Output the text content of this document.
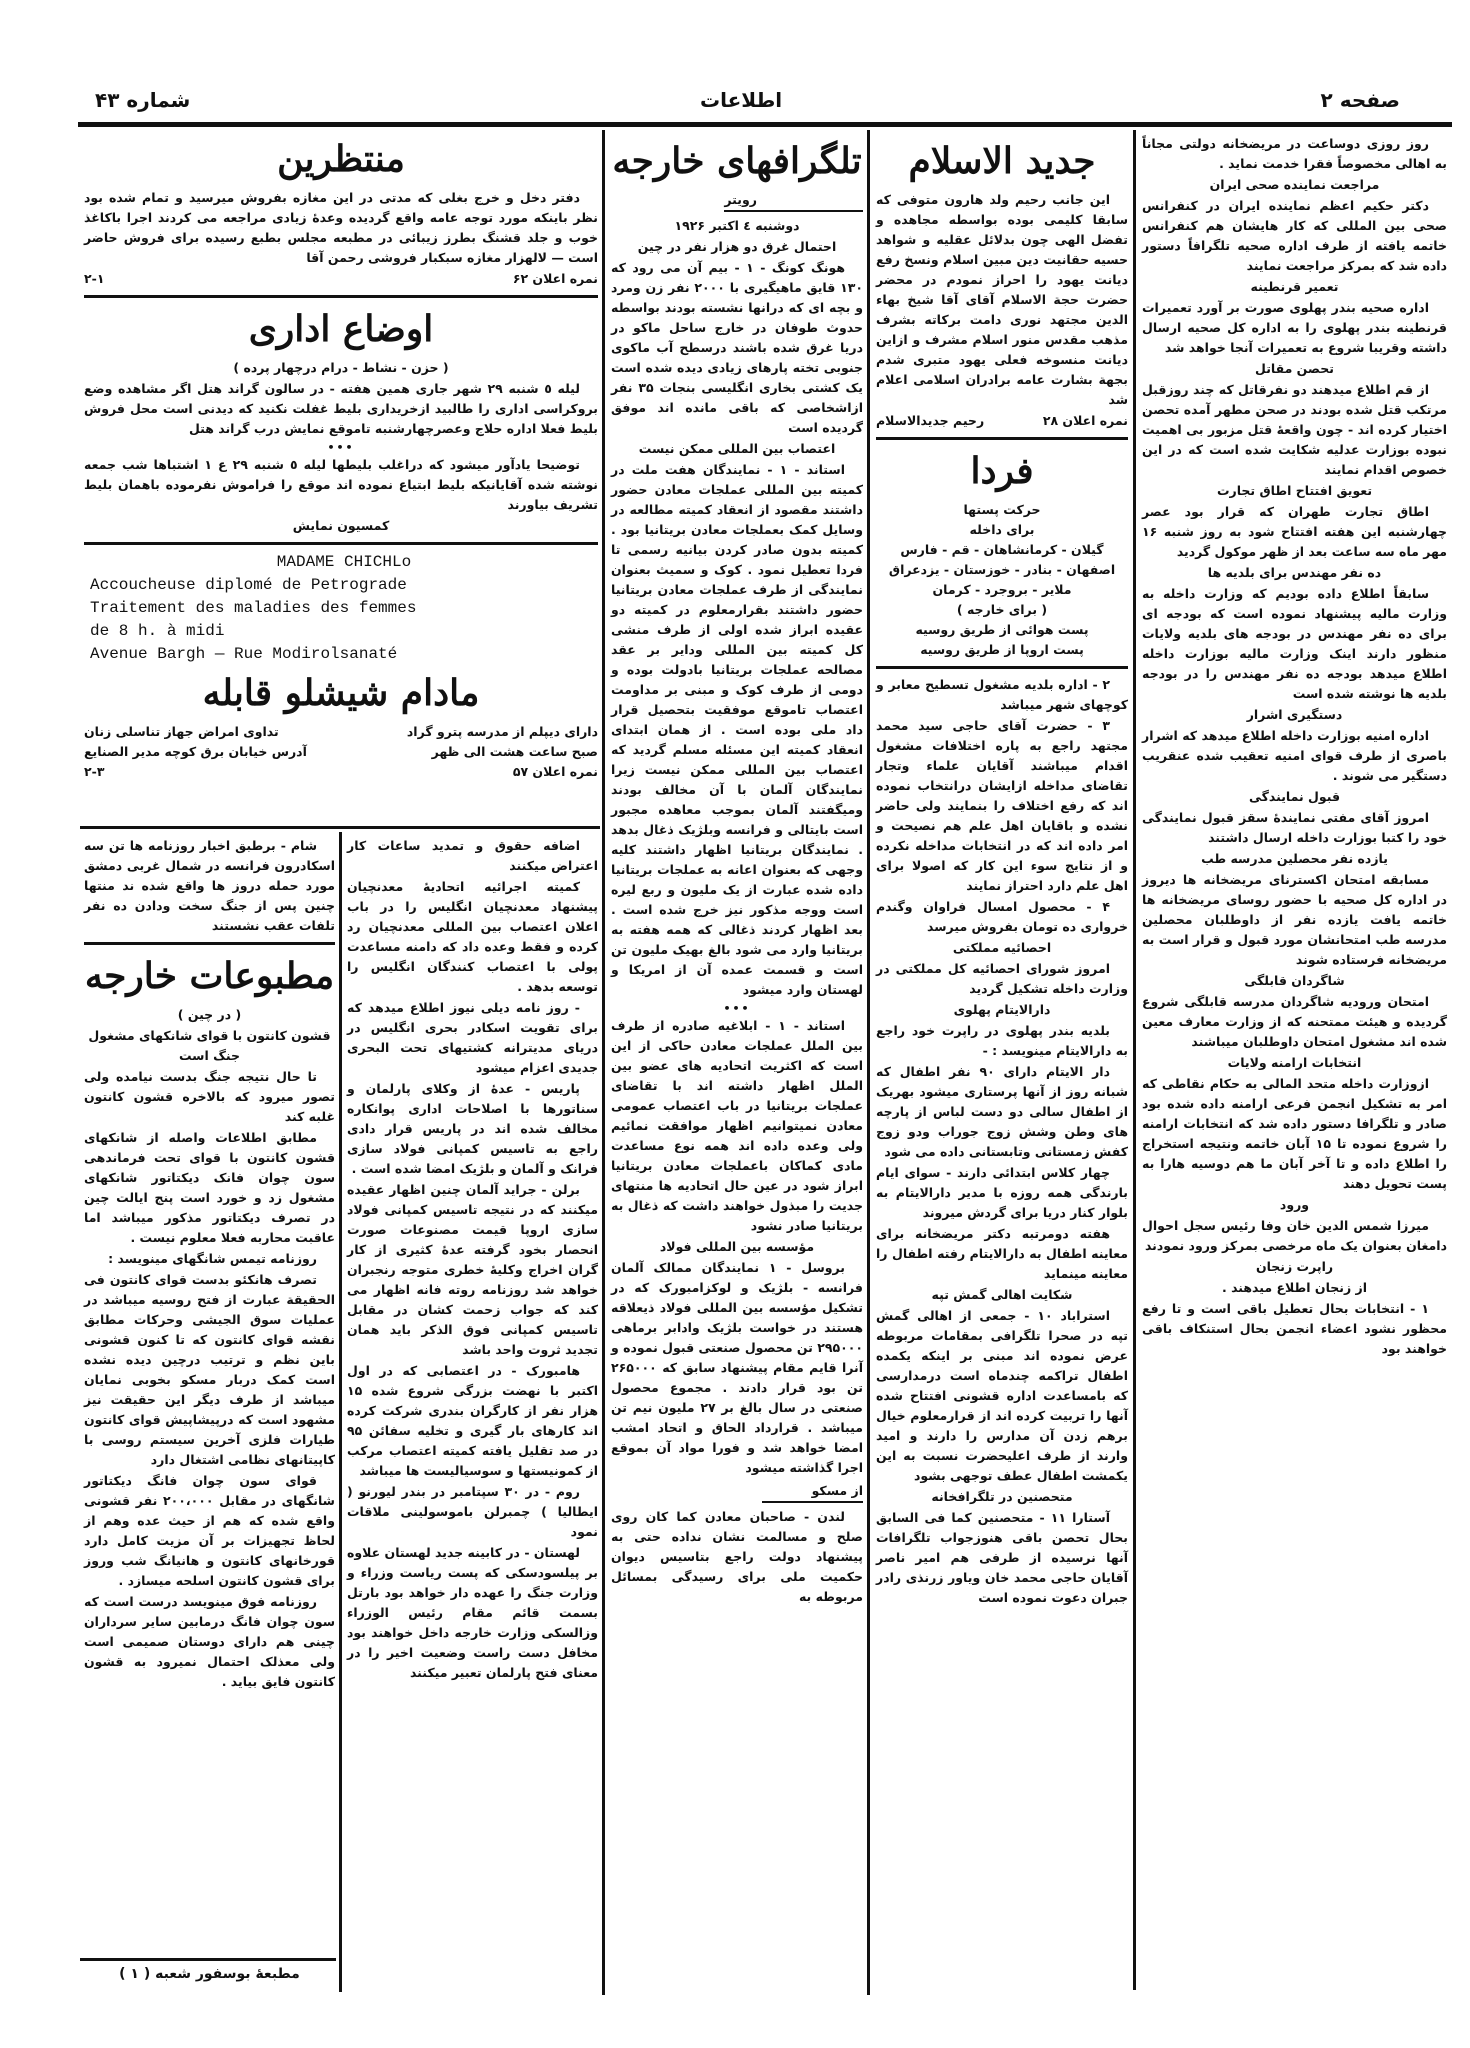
صفحه ۲
اطلاعات
شماره ۴۳
روز روزی دوساعت در مریضخانه دولتی مجاناً به اهالی مخصوصاً فقرا خدمت نماید .
مراجعت نماینده صحی ایران
دکتر حکیم اعظم نماینده ایران در کنفرانس صحی بین المللی که کار هایشان هم کنفرانس خاتمه یافته از طرف اداره صحیه تلگرافاً دستور داده شد که بمرکز مراجعت نمایند
تعمیر قرنطینه
اداره صحیه بندر پهلوی صورت بر آورد تعمیرات قرنطینه بندر پهلوی را به اداره کل صحیه ارسال داشته وقریبا شروع به تعمیرات آنجا خواهد شد
تحصن مقاتل
از قم اطلاع میدهند دو نفرقاتل که چند روزقبل مرتکب قتل شده بودند در صحن مطهر آمده تحصن اختیار کرده اند - چون واقعهٔ قتل مزبور بی اهمیت نبوده بوزارت عدلیه شکایت شده است که در این خصوص اقدام نمایند
تعویق افتتاح اطاق تجارت
اطاق تجارت طهران که قرار بود عصر چهارشنبه این هفته افتتاح شود به روز شنبه ۱۶ مهر ماه سه ساعت بعد از ظهر موکول گردید
ده نفر مهندس برای بلدیه ها
سابقاً اطلاع داده بودیم که وزارت داخله به وزارت مالیه پیشنهاد نموده است که بودجه ای برای ده نفر مهندس در بودجه های بلدیه ولایات منظور دارند اینک وزارت مالیه بوزارت داخله اطلاع میدهد بودجه ده نفر مهندس را در بودجه بلدیه ها نوشته شده است
دستگیری اشرار
اداره امنیه بوزارت داخله اطلاع میدهد که اشرار باصری از طرف قوای امنیه تعقیب شده عنقریب دستگیر می شوند .
قبول نمایندگی
امروز آقای مفتی نمایندهٔ سقز قبول نمایندگی خود را کتبا بوزارت داخله ارسال داشتند
یازده نفر محصلین مدرسه طب
مسابقه امتحان اکسترنای مریضخانه ها دیروز در اداره کل صحیه با حضور روسای مریضخانه ها خاتمه یافت یازده نفر از داوطلبان محصلین مدرسه طب امتحانشان مورد قبول و قرار است به مریضخانه فرستاده شوند
شاگردان قابلگی
امتحان ورودیه شاگردان مدرسه قابلگی شروع گردیده و هیئت ممتحنه که از وزارت معارف معین شده اند مشغول امتحان داوطلبان میباشند
انتخابات ارامنه ولایات
ازوزارت داخله متحد المالی به حکام نقاطی که امر به تشکیل انجمن فرعی ارامنه داده شده بود صادر و تلگرافا دستور داده شد که انتخابات ارامنه را شروع نموده تا ۱۵ آبان خاتمه ونتیجه استخراج را اطلاع داده و تا آخر آبان ما هم دوسیه هارا به پست تحویل دهند
ورود
میرزا شمس الدین خان وفا رئیس سجل احوال دامغان بعنوان یک ماه مرخصی بمرکز ورود نمودند
راپرت زنجان
از زنجان اطلاع میدهند .
۱ - انتخابات بحال تعطیل باقی است و تا رفع محظور نشود اعضاء انجمن بحال استنکاف باقی خواهند بود
جدید الاسلام
این جانب رحیم ولد هارون متوفی که سابقا کلیمی بوده بواسطه مجاهده و تفضل الهی چون بدلائل عقلیه و شواهد حسیه حقانیت دین مبین اسلام ونسخ رفع دیانت یهود را احراز نمودم در محضر حضرت حجة الاسلام آقای آقا شیخ بهاء الدین مجتهد نوری دامت برکاته بشرف مذهب مقدس منور اسلام مشرف و ازاین دیانت منسوخه فعلی یهود متبری شدم بجهة بشارت عامه برادران اسلامی اعلام شد
نمره اعلان ۲۸
رحیم جدیدالاسلام
فردا
حرکت پستها
برای داخله
گیلان - کرمانشاهان - قم - فارس
اصفهان - بنادر - خوزستان - یزدعراق
ملایر - بروجرد - کرمان
( برای خارجه )
پست هوائی از طریق روسیه
پست اروپا از طریق روسیه
۲ - اداره بلدیه مشغول تسطیح معابر و کوچهای شهر میباشد
۳ - حضرت آقای حاجی سید محمد مجتهد راجع به پاره اختلافات مشغول اقدام میباشند آقایان علماء وتجار تقاضای مداخله ازایشان درانتخاب نموده اند که رفع اختلاف را بنمایند ولی حاضر نشده و باقایان اهل علم هم نصیحت و امر داده اند که در انتخابات مداخله نکرده و از نتایج سوء این کار که اصولا برای اهل علم دارد احتراز نمایند
۴ - محصول امسال فراوان وگندم خرواری ده تومان بفروش میرسد
احصائیه مملکتی
امروز شورای احصائیه کل مملکتی در وزارت داخله تشکیل گردید
دارالایتام پهلوی
بلدیه بندر پهلوی در راپرت خود راجع به دارالایتام مینویسد : -
دار الایتام دارای ۹۰ نفر اطفال که شبانه روز از آنها پرستاری میشود بهریک از اطفال سالی دو دست لباس از پارچه های وطن وشش زوج جوراب ودو زوج کفش زمستانی وتابستانی داده می شود
چهار کلاس ابتدائی دارند - سوای ایام بارندگی همه روزه با مدیر دارالایتام به بلوار کنار دریا برای گردش میروند
هفته دومرتبه دکتر مریضخانه برای معاینه اطفال به دارالایتام رفته اطفال را معاینه مینماید
شکایت اهالی گمش تپه
استراباد ۱۰ - جمعی از اهالی گمش تپه در صحرا تلگرافی بمقامات مربوطه عرض نموده اند مبنی بر اینکه یکمده اطفال تراکمه چندماه است درمدارسی که بامساعدت اداره قشونی افتتاح شده آنها را تربیت کرده اند از قرارمعلوم خیال برهم زدن آن مدارس را دارند و امید وارند از طرف اعلیحضرت نسبت به این یکمشت اطفال عطف توجهی بشود
متحصنین در تلگرافخانه
آستارا ۱۱ - متحصنین کما فی السابق بحال تحصن باقی هنوزجواب تلگرافات آنها نرسیده از طرفی هم امیر ناصر آقایان حاجی محمد خان ویاور زرنذی رادر جبران دعوت نموده است
تلگرافهای خارجه
رویتر
دوشنبه ٤ اکتبر ۱۹۲۶
احتمال غرق دو هزار نفر در چین
هونگ کونگ - ۱ - بیم آن می رود که ۱۳۰ قایق ماهیگیری با ۲۰۰۰ نفر زن ومرد و بچه ای که درانها نشسته بودند بواسطه حدوث طوفان در خارج ساحل ماکو در دریا غرق شده باشند درسطح آب ماکوی جنوبی تخته پارهای زیادی دیده شده است یک کشتی بخاری انگلیسی بنجات ۳۵ نفر ازاشخاصی که باقی مانده اند موفق گردیده است
اعتصاب بین المللی ممکن نیست
استاند - ۱ - نمایندگان هفت ملت در کمیته بین المللی عملجات معادن حضور داشتند مقصود از انعقاد کمیته مطالعه در وسایل کمک بعملجات معادن بریتانیا بود . کمیته بدون صادر کردن بیانیه رسمی تا فردا تعطیل نمود . کوک و سمیث بعنوان نمایندگی از طرف عملجات معادن بریتانیا حضور داشتند بقرارمعلوم در کمیته دو عقیده ابراز شده اولی از طرف منشی کل کمیته بین المللی ودایر بر عقد مصالحه عملجات بریتانیا بادولت بوده و دومی از طرف کوک و مبنی بر مداومت اعتصاب تاموقع موفقیت بتحصیل قرار داد ملی بوده است . از همان ابتدای انعقاد کمیته این مسئله مسلم گردید که اعتصاب بین المللی ممکن نیست زیرا نمایندگان آلمان با آن مخالف بودند ومیگفتند آلمان بموجب معاهده مجبور است بایتالی و فرانسه وبلژیک ذغال بدهد . نمایندگان بریتانیا اظهار داشتند کلیه وجهی که بعنوان اعانه به عملجات بریتانیا داده شده عبارت از یک ملیون و ربع لیره است ووجه مذکور نیز خرج شده است . بعد اظهار کردند ذغالی که همه هفته به بریتانیا وارد می شود بالغ بهیک ملیون تن است و قسمت عمده آن از امریکا و لهستان وارد میشود
•••
استاند - ۱ - ابلاغیه صادره از طرف بین الملل عملجات معادن حاکی از این است که اکثریت اتحادیه های عضو بین الملل اظهار داشته اند با تقاضای عملجات بریتانیا در باب اعتصاب عمومی معادن نمیتوانیم اظهار موافقت نمائیم ولی وعده داده اند همه نوع مساعدت مادی کماکان باعملجات معادن بریتانیا ابراز شود در عین حال اتحادیه ها منتهای جدیت را مبذول خواهند داشت که ذغال به بریتانیا صادر نشود
مؤسسه بین المللی فولاد
بروسل - ۱ نمایندگان ممالک آلمان فرانسه - بلژیک و لوکزامبورک که در تشکیل مؤسسه بین المللی فولاد ذیعلاقه هستند در خواست بلژیک وادابر برماهی ۲۹۵۰۰۰ تن محصول صنعتی قبول نموده و آنرا قایم مقام پیشنهاد سابق که ۲۶۵۰۰۰ تن بود قرار دادند . مجموع محصول صنعتی در سال بالغ بر ۲۷ ملیون نیم تن میباشد . قرارداد الحاق و اتحاد امشب امضا خواهد شد و فورا مواد آن بموقع اجرا گذاشته میشود
از مسکو
لندن - صاحبان معادن کما کان روی صلح و مسالمت نشان نداده حتی به پیشنهاد دولت راجع بتاسیس دیوان حکمیت ملی برای رسیدگی بمسائل مربوطه به
منتظرین
دفتر دخل و خرج بغلی که مدتی در این مغازه بفروش میرسید و تمام شده بود نظر باینکه مورد توجه عامه واقع گردیده وعدهٔ زیادی مراجعه می کردند اجرا باکاغذ خوب و جلد قشنگ بطرز زیبائی در مطبعه مجلس بطبع رسیده برای فروش حاضر است — لالهزار مغازه سبکبار فروشی رحمن آقا
نمره اعلان ۶۲
۲-۱
اوضاع اداری
( حزن - نشاط - درام درچهار پرده )
لیله ٥ شنبه ۲۹ شهر جاری همین هفته - در سالون گراند هتل اگر مشاهده وضع بروکراسی اداری را طالبید ازخریداری بلیط غفلت نکنید که دیدنی است محل فروش بلیط فعلا اداره حلاج وعصرچهارشنبه تاموقع نمایش درب گراند هتل
•••
توضیحا یادآور میشود که دراغلب بلیطها لیله ٥ شنبه ۲۹ ع ۱ اشتباها شب جمعه نوشته شده آقایانیکه بلیط ابتیاع نموده اند موقع را فراموش نفرموده باهمان بلیط تشریف بیاورند
کمسیون نمایش
MADAME CHICHLo
Accoucheuse diplomé de Petrograde
Traitement des maladies des femmes
de 8 h. à midi
Avenue Bargh — Rue Modirolsanaté
مادام شیشلو قابله
دارای دیپلم از مدرسه پترو گراد
تداوی امراض جهاز تناسلی زنان
صبح ساعت هشت الی ظهر
آدرس خیابان برق کوچه مدیر الصنایع
نمره اعلان ۵۷
۲-۳
اضافه حقوق و تمدید ساعات کار اعتراض میکنند
کمیته اجرائیه اتحادیهٔ معدنچیان پیشنهاد معدنچیان انگلیس را در باب اعلان اعتصاب بین المللی معدنچیان رد کرده و فقط وعده داد که دامنه مساعدت پولی با اعتصاب کنندگان انگلیس را توسعه بدهد .
- روز نامه دیلی نیوز اطلاع میدهد که برای تقویت اسکادر بحری انگلیس در دریای مدیترانه کشتیهای تحت البحری جدیدی اعزام میشود
پاریس - عدهٔ از وکلای پارلمان و سناتورها با اصلاحات اداری پوانکاره مخالف شده اند در پاریس قرار دادی راجع به تاسیس کمپانی فولاد سازی فرانک و آلمان و بلژیک امضا شده است .
برلن - جراید آلمان چنین اظهار عقیده میکنند که در نتیجه تاسیس کمپانی فولاد سازی اروپا قیمت مصنوعات صورت انحصار بخود گرفته عدهٔ کثیری از کار گران اخراج وکلیهٔ خطری متوجه رنجبران خواهد شد روزنامه روته فانه اظهار می کند که جواب زحمت کشان در مقابل تاسیس کمپانی فوق الذکر باید همان تجدید ثروت واحد باشد
هامبورک - در اعتصابی که در اول اکتبر با نهضت بزرگی شروع شده ۱۵ هزار نفر از کارگران بندری شرکت کرده اند کارهای بار گیری و تخلیه سفائن ۹۵ در صد تقلیل یافته کمیته اعتصاب مرکب از کمونیستها و سوسیالیست ها میباشد
روم - در ۳۰ سپتامبر در بندر لیورنو ( ایطالیا ) چمبرلن باموسولینی ملاقات نمود
لهستان - در کابینه جدید لهستان علاوه بر پیلسودسکی که پست ریاست وزراء و وزارت جنگ را عهده دار خواهد بود بارتل بسمت قائم مقام رئیس الوزراء وزالسکی وزارت خارجه داخل خواهند بود مخافل دست راست وضعیت اخیر را در معنای فتح پارلمان تعبیر میکنند
شام - برطبق اخبار روزنامه ها تن سه اسکادرون فرانسه در شمال غربی دمشق مورد حمله دروز ها واقع شده ند منتها چنین پس از جنگ سخت ودادن ده نفر تلفات عقب نشستند
مطبوعات خارجه
( در چین )
قشون کانتون با قوای شانکهای مشغول جنگ است
تا حال نتیجه جنگ بدست نیامده ولی تصور میرود که بالاخره قشون کانتون غلبه کند
مطابق اطلاعات واصله از شانکهای قشون کانتون با قوای تحت فرماندهی سون چوان فانک دیکتاتور شانکهای مشغول زد و خورد است پنج ایالت چین در تصرف دیکتاتور مذکور میباشد اما عاقبت محاربه فعلا معلوم نیست .
روزنامه تیمس شانگهای مینویسد :
تصرف هانکئو بدست قوای کانتون فی الحقیقة عبارت از فتح روسیه میباشد در عملیات سوق الجیشی وحرکات مطابق نقشه قوای کانتون که تا کنون قشونی باین نظم و ترتیب درچین دیده نشده است کمک دربار مسکو بخوبی نمایان میباشد از طرف دیگر این حقیقت نیز مشهود است که درپیشاپیش قوای کانتون طیارات فلزی آخرین سیستم روسی با کاپیتانهای نظامی اشتغال دارد
قوای سون چوان فانگ دیکتاتور شانگهای در مقابل ۲۰۰،۰۰۰ نفر قشونی واقع شده که هم از حیث عده وهم از لحاظ تجهیزات بر آن مزیت کامل دارد قورخانهای کانتون و هانیانگ شب وروز برای قشون کانتون اسلحه میسازد .
روزنامه فوق مینویسد درست است که سون چوان فانگ درمابین سایر سرداران چینی هم دارای دوستان صمیمی است ولی معذلک احتمال نمیرود به قشون کانتون فایق بیاید .
مطبعهٔ بوسفور شعبه ( ۱ )
